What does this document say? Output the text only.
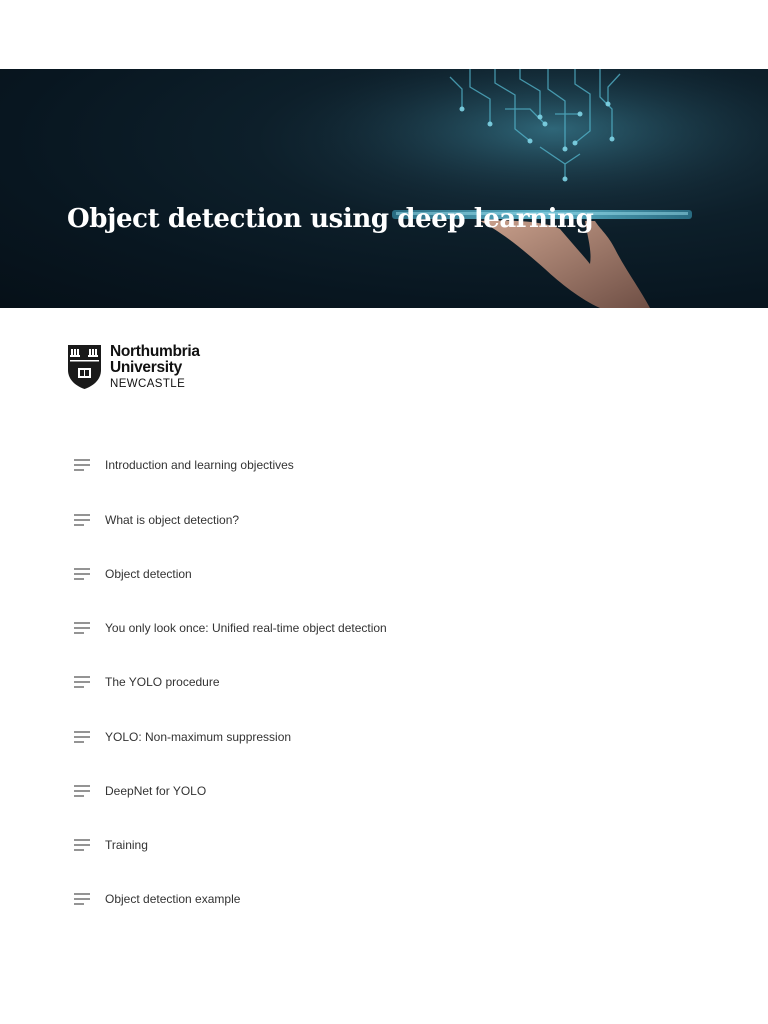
Object detection using deep learning
Northumbria
University
NEWCASTLE
Introduction and learning objectives
What is object detection?
Object detection
You only look once: Unified real-time object detection
The YOLO procedure
YOLO: Non-maximum suppression
DeepNet for YOLO
Training
Object detection example
